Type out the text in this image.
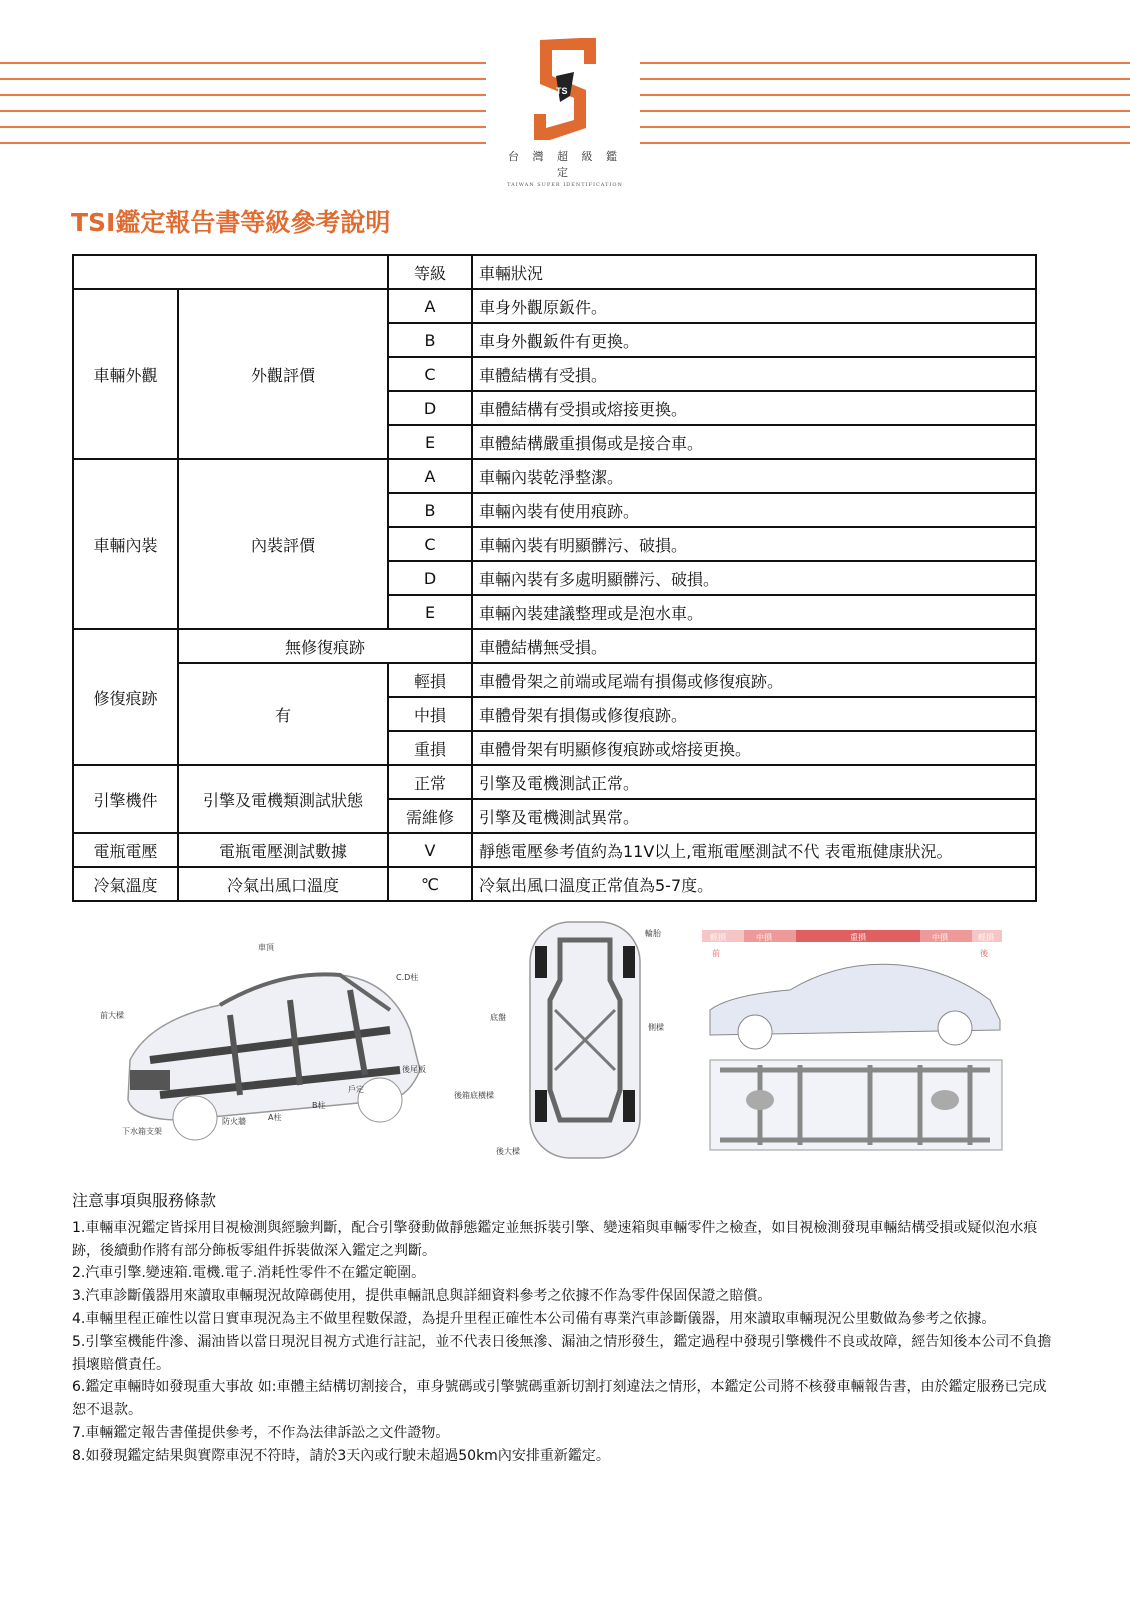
TS
台 灣 超 級 鑑 定
TAIWAN SUPER IDENTIFICATION
TSI鑑定報告書等級參考說明
		等級	車輛狀況
車輛外觀	外觀評價	A	車身外觀原鈑件。
		B	車身外觀鈑件有更換。
		C	車體結構有受損。
		D	車體結構有受損或熔接更換。
		E	車體結構嚴重損傷或是接合車。
車輛內裝	內裝評價	A	車輛內裝乾淨整潔。
		B	車輛內裝有使用痕跡。
		C	車輛內裝有明顯髒污、破損。
		D	車輛內裝有多處明顯髒污、破損。
		E	車輛內裝建議整理或是泡水車。
修復痕跡	無修復痕跡		車體結構無受損。
	有	輕損	車體骨架之前端或尾端有損傷或修復痕跡。
		中損	車體骨架有損傷或修復痕跡。
		重損	車體骨架有明顯修復痕跡或熔接更換。
引擎機件	引擎及電機類測試狀態	正常	引擎及電機測試正常。
		需維修	引擎及電機測試異常。
電瓶電壓	電瓶電壓測試數據	V	靜態電壓參考值約為11V以上,電瓶電壓測試不代 表電瓶健康狀況。
冷氣溫度	冷氣出風口溫度	℃	冷氣出風口溫度正常值為5-7度。
車頂
C.D柱
前大樑
後尾板
戶定
B柱
A柱
防火牆
下水箱支架
輪胎
底盤
側樑
後箱底橫樑
後大樑
輕損	中損	重損	中損	輕損
前	後
注意事項與服務條款

1.車輛車況鑑定皆採用目視檢測與經驗判斷，配合引擎發動做靜態鑑定並無拆裝引擎、變速箱與車輛零件之檢查，如目視檢測發現車輛結構受損或疑似泡水痕跡，後續動作將有部分飾板零組件拆裝做深入鑑定之判斷。

2.汽車引擎.變速箱.電機.電子.消耗性零件不在鑑定範圍。

3.汽車診斷儀器用來讀取車輛現況故障碼使用，提供車輛訊息與詳細資料參考之依據不作為零件保固保證之賠償。

4.車輛里程正確性以當日實車現況為主不做里程數保證，為提升里程正確性本公司備有專業汽車診斷儀器，用來讀取車輛現況公里數做為參考之依據。

5.引擎室機能件滲、漏油皆以當日現況目視方式進行註記，並不代表日後無滲、漏油之情形發生，鑑定過程中發現引擎機件不良或故障，經告知後本公司不負擔損壞賠償責任。

6.鑑定車輛時如發現重大事故 如:車體主結構切割接合，車身號碼或引擎號碼重新切割打刻違法之情形，本鑑定公司將不核發車輛報告書，由於鑑定服務已完成恕不退款。

7.車輛鑑定報告書僅提供參考，不作為法律訴訟之文件證物。

8.如發現鑑定結果與實際車況不符時，請於3天內或行駛未超過50km內安排重新鑑定。
